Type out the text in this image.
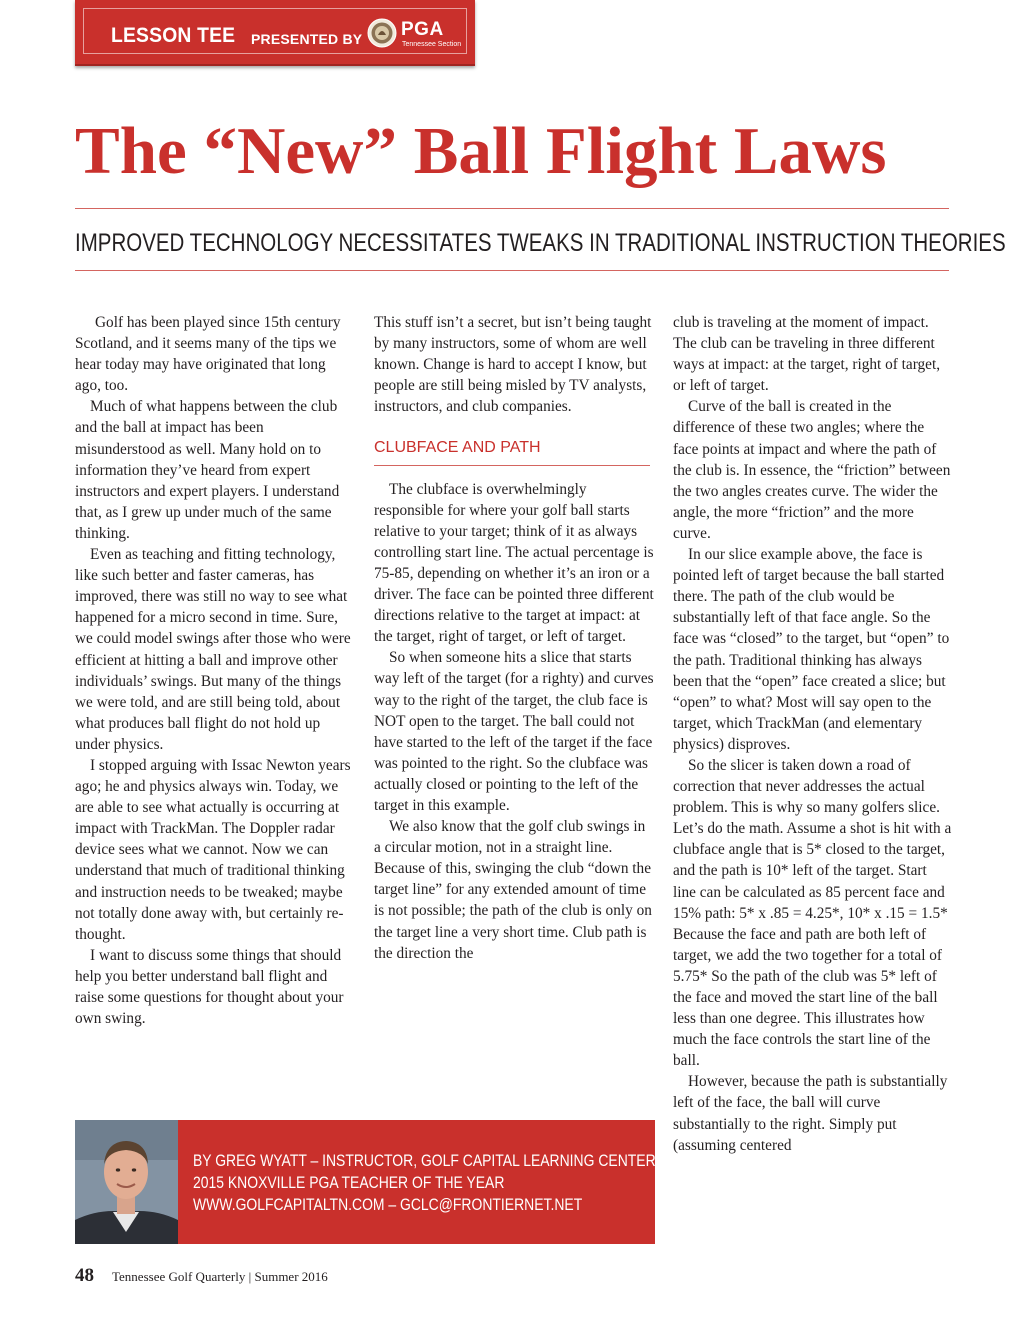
LESSON TEE PRESENTED BY PGA
Tennessee Section
The “New” Ball Flight Laws
IMPROVED TECHNOLOGY NECESSITATES TWEAKS IN TRADITIONAL INSTRUCTION THEORIES

Golf has been played since 15th century Scotland, and it seems many of the tips we hear today may have originated that long ago, too.

Much of what happens between the club and the ball at impact has been misunderstood as well. Many hold on to information they’ve heard from expert instructors and expert players. I understand that, as I grew up under much of the same thinking.

Even as teaching and fitting technology, like such better and faster cameras, has improved, there was still no way to see what happened for a micro second in time. Sure, we could model swings after those who were efficient at hitting a ball and improve other individuals’ swings. But many of the things we were told, and are still being told, about what produces ball flight do not hold up under physics.

I stopped arguing with Issac Newton years ago; he and physics always win. Today, we are able to see what actually is occurring at impact with TrackMan. The Doppler radar device sees what we cannot. Now we can understand that much of traditional thinking and instruction needs to be tweaked; maybe not totally done away with, but certainly re-thought.

I want to discuss some things that should help you better understand ball flight and raise some questions for thought about your own swing.

This stuff isn’t a secret, but isn’t being taught by many instructors, some of whom are well known. Change is hard to accept I know, but people are still being misled by TV analysts, instructors, and club companies.

CLUBFACE AND PATH

The clubface is overwhelmingly responsible for where your golf ball starts relative to your target; think of it as always controlling start line. The actual percentage is 75-85, depending on whether it’s an iron or a driver. The face can be pointed three different directions relative to the target at impact: at the target, right of target, or left of target.

So when someone hits a slice that starts way left of the target (for a righty) and curves way to the right of the target, the club face is NOT open to the target. The ball could not have started to the left of the target if the face was pointed to the right. So the clubface was actually closed or pointing to the left of the target in this example.

We also know that the golf club swings in a circular motion, not in a straight line. Because of this, swinging the club “down the target line” for any extended amount of time is not possible; the path of the club is only on the target line a very short time. Club path is the direction the

club is traveling at the moment of impact. The club can be traveling in three different ways at impact: at the target, right of target, or left of target.

Curve of the ball is created in the difference of these two angles; where the face points at impact and where the path of the club is. In essence, the “friction” between the two angles creates curve. The wider the angle, the more “friction” and the more curve.

In our slice example above, the face is pointed left of target because the ball started there. The path of the club would be substantially left of that face angle. So the face was “closed” to the target, but “open” to the path. Traditional thinking has always been that the “open” face created a slice; but “open” to what? Most will say open to the target, which TrackMan (and elementary physics) disproves.

So the slicer is taken down a road of correction that never addresses the actual problem. This is why so many golfers slice. Let’s do the math. Assume a shot is hit with a clubface angle that is 5* closed to the target, and the path is 10* left of the target. Start line can be calculated as 85 percent face and 15% path: 5* x .85 = 4.25*, 10* x .15 = 1.5* Because the face and path are both left of target, we add the two together for a total of 5.75* So the path of the club was 5* left of the face and moved the start line of the ball less than one degree. This illustrates how much the face controls the start line of the ball.

However, because the path is substantially left of the face, the ball will curve substantially to the right. Simply put (assuming centered

BY GREG WYATT – INSTRUCTOR, GOLF CAPITAL LEARNING CENTER
2015 KNOXVILLE PGA TEACHER OF THE YEAR
WWW.GOLFCAPITALTN.COM – GCLC@FRONTIERNET.NET
48 Tennessee Golf Quarterly | Summer 2016
